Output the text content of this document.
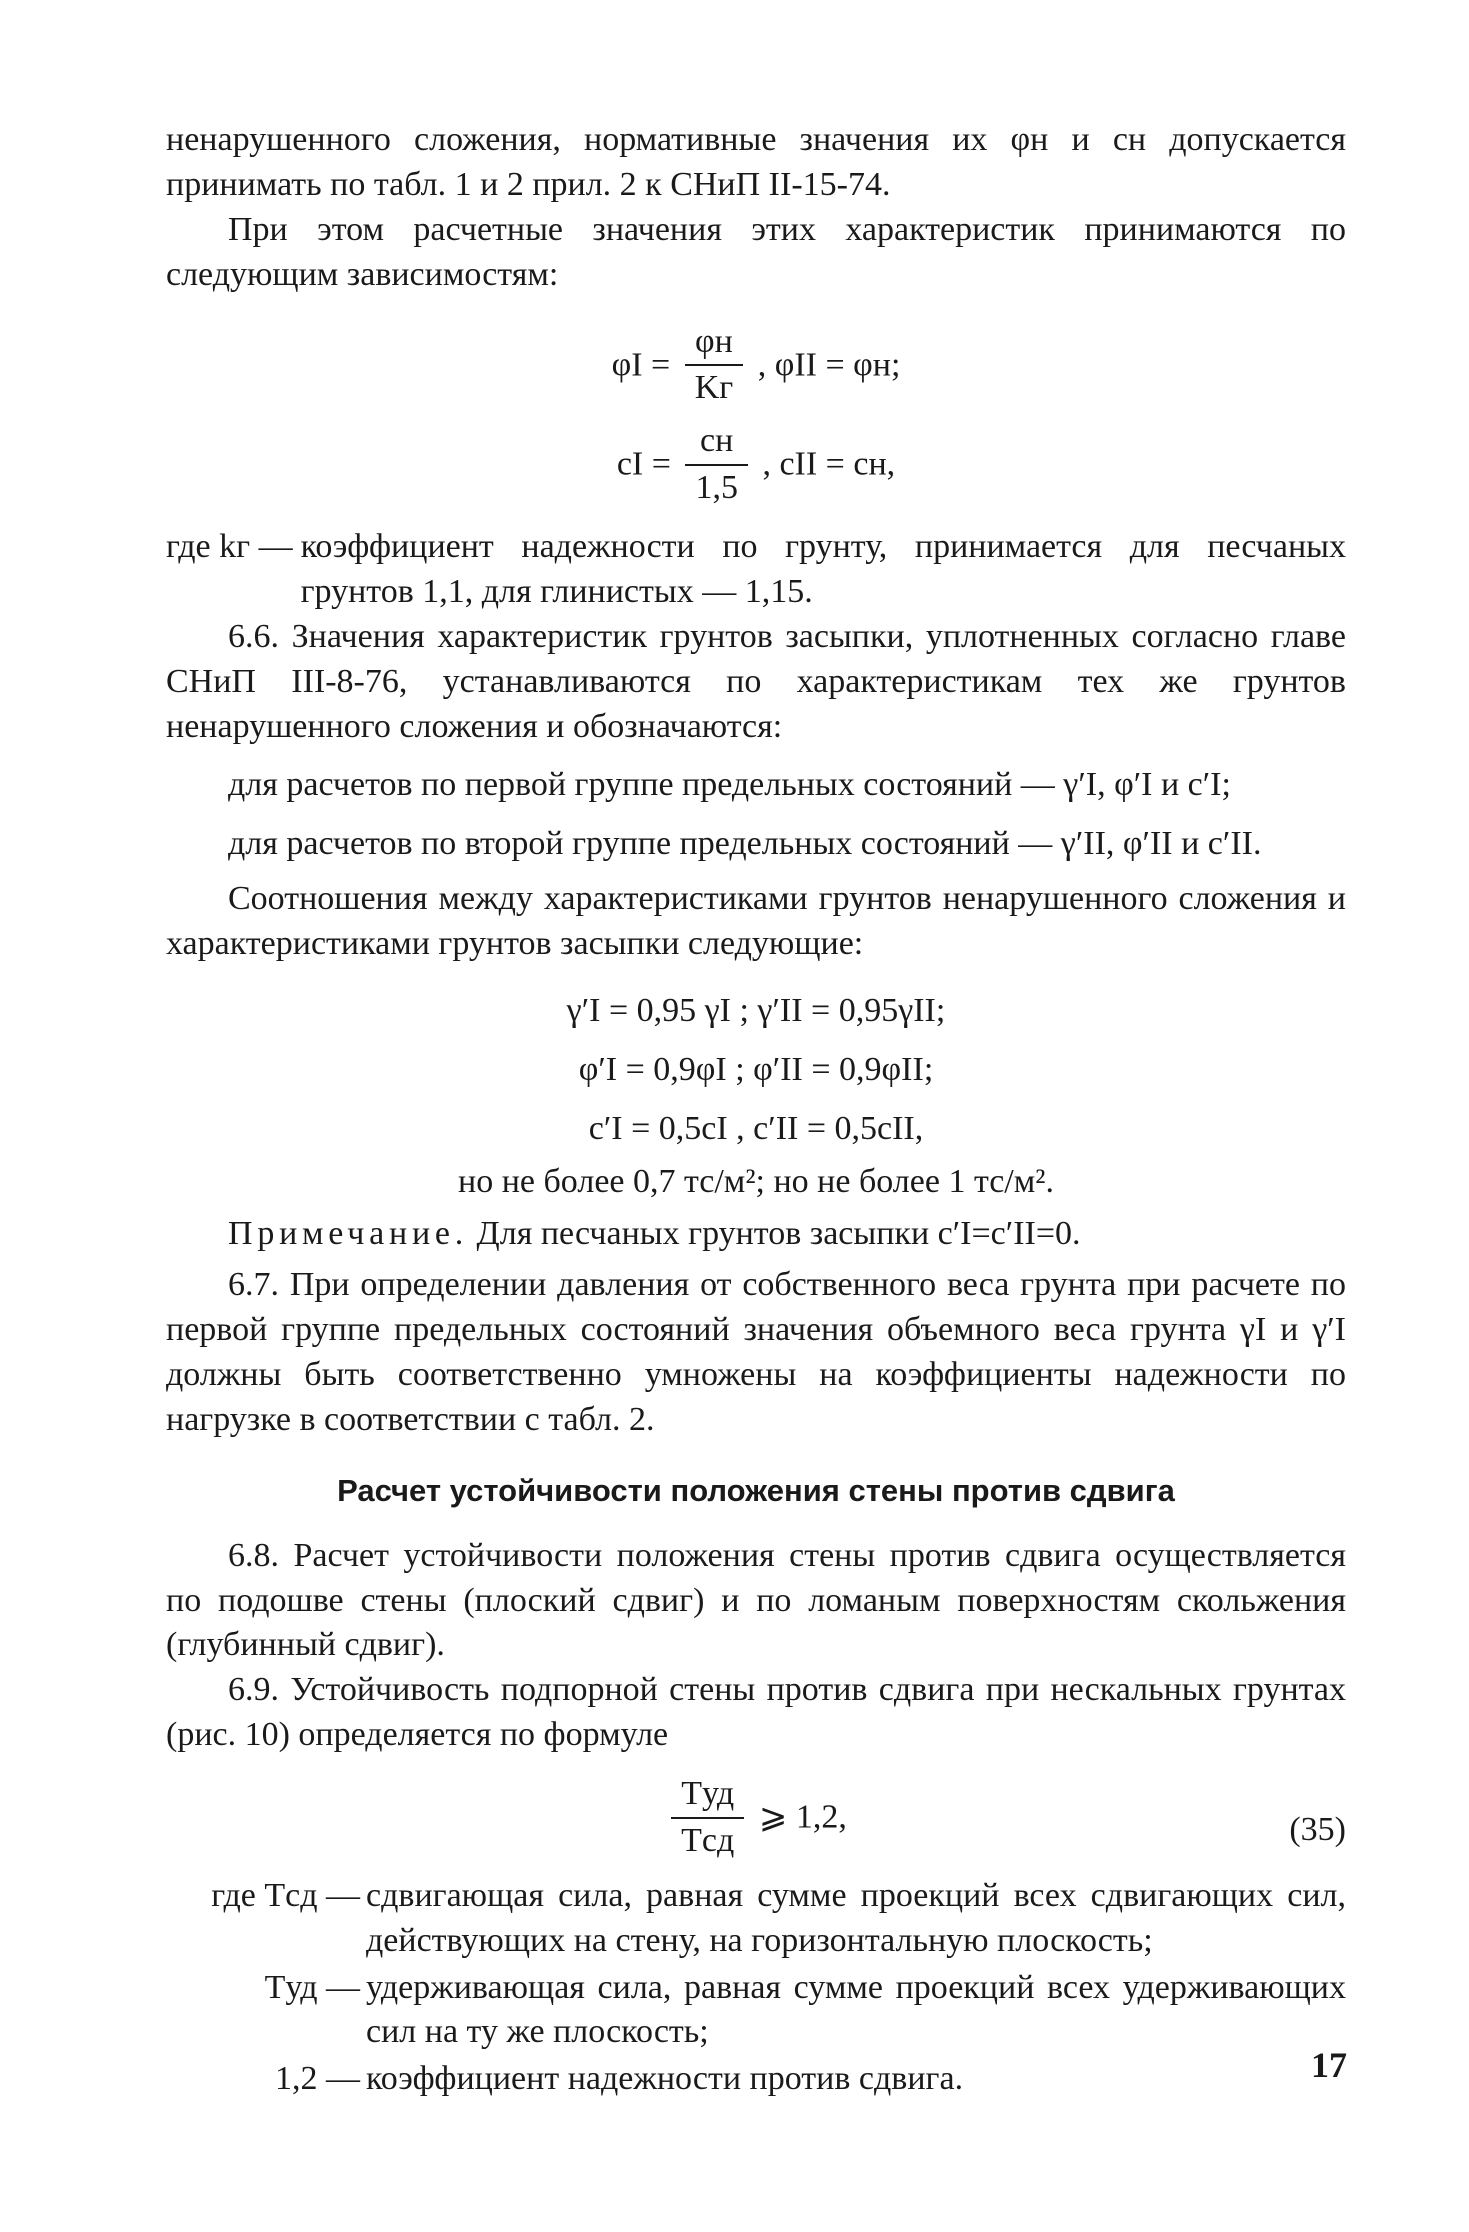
ненарушенного сложения, нормативные значения их φн и cн допускается принимать по табл. 1 и 2 прил. 2 к СНиП II-15-74.

При этом расчетные значения этих характеристик принимаются по следующим зависимостям:

φI =
φн
Kг
, φII = φн;
cI =
cн
1,5
, cII = cн,
где kг — коэффициент надежности по грунту, принимается для песчаных грунтов 1,1, для глинистых — 1,15.

6.6. Значения характеристик грунтов засыпки, уплотненных согласно главе СНиП III-8-76, устанавливаются по характеристикам тех же грунтов ненарушенного сложения и обозначаются:

для расчетов по первой группе предельных состояний — γ′I, φ′I и c′I;

для расчетов по второй группе предельных состояний — γ′II, φ′II и c′II.

Соотношения между характеристиками грунтов ненарушенного сложения и характеристиками грунтов засыпки следующие:

γ′I = 0,95 γI ; γ′II = 0,95γII;
φ′I = 0,9φI ; φ′II = 0,9φII;
c′I = 0,5cI , c′II = 0,5cII,
но не более 0,7 тс/м²; но не более 1 тс/м².

Примечание. Для песчаных грунтов засыпки c′I=c′II=0.

6.7. При определении давления от собственного веса грунта при расчете по первой группе предельных состояний значения объемного веса грунта γI и γ′I должны быть соответственно умножены на коэффициенты надежности по нагрузке в соответствии с табл. 2.

Расчет устойчивости положения стены против сдвига

6.8. Расчет устойчивости положения стены против сдвига осуществляется по подошве стены (плоский сдвиг) и по ломаным поверхностям скольжения (глубинный сдвиг).

6.9. Устойчивость подпорной стены против сдвига при нескальных грунтах (рис. 10) определяется по формуле

Tуд
Tсд
⩾ 1,2,	(35)
где Tсд — сдвигающая сила, равная сумме проекций всех сдвигающих сил, действующих на стену, на горизонтальную плоскость;
Tуд — удерживающая сила, равная сумме проекций всех удерживающих сил на ту же плоскость;
1,2 — коэффициент надежности против сдвига.	17
